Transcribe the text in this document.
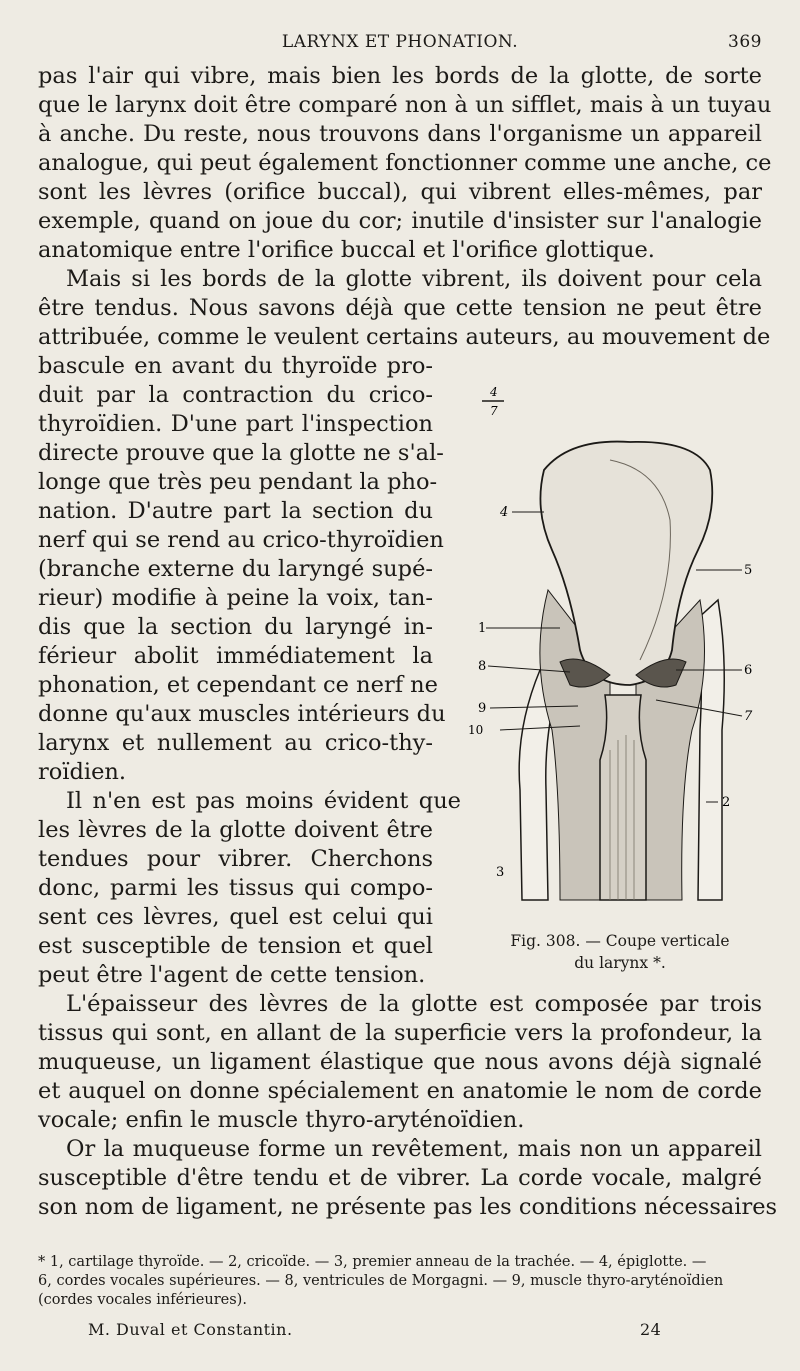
LARYNX ET PHONATION.	369
pas l'air qui vibre, mais bien les bords de la glotte, de sorte
que le larynx doit être comparé non à un sifflet, mais à un tuyau
à anche. Du reste, nous trouvons dans l'organisme un appareil
analogue, qui peut également fonctionner comme une anche, ce
sont les lèvres (orifice buccal), qui vibrent elles-mêmes, par
exemple, quand on joue du cor; inutile d'insister sur l'analogie
anatomique entre l'orifice buccal et l'orifice glottique.
Mais si les bords de la glotte vibrent, ils doivent pour cela
être tendus. Nous savons déjà que cette tension ne peut être
attribuée, comme le veulent certains auteurs, au mouvement de
bascule en avant du thyroïde pro-
duit par la contraction du crico-
thyroïdien. D'une part l'inspection
directe prouve que la glotte ne s'al-
longe que très peu pendant la pho-
nation. D'autre part la section du
nerf qui se rend au crico-thyroïdien
(branche externe du laryngé supé-
rieur) modifie à peine la voix, tan-
dis que la section du laryngé in-
férieur abolit immédiatement la
phonation, et cependant ce nerf ne
donne qu'aux muscles intérieurs du
larynx et nullement au crico-thy-
roïdien.
Il n'en est pas moins évident que
les lèvres de la glotte doivent être
tendues pour vibrer. Cherchons
donc, parmi les tissus qui compo-
sent ces lèvres, quel est celui qui
est susceptible de tension et quel
peut être l'agent de cette tension.
L'épaisseur des lèvres de la glotte est composée par trois
tissus qui sont, en allant de la superficie vers la profondeur, la
muqueuse, un ligament élastique que nous avons déjà signalé
et auquel on donne spécialement en anatomie le nom de corde
vocale; enfin le muscle thyro-aryténoïdien.
Or la muqueuse forme un revêtement, mais non un appareil
susceptible d'être tendu et de vibrer. La corde vocale, malgré
son nom de ligament, ne présente pas les conditions nécessaires
4
5
1
8	6
9
7
10
2
3
4
7
Fig. 308. — Coupe verticale
du larynx *.
* 1, cartilage thyroïde. — 2, cricoïde. — 3, premier anneau de la trachée. — 4, épiglotte. —
6, cordes vocales supérieures. — 8, ventricules de Morgagni. — 9, muscle thyro-aryténoïdien
(cordes vocales inférieures).
M. Duval et Constantin.	24
